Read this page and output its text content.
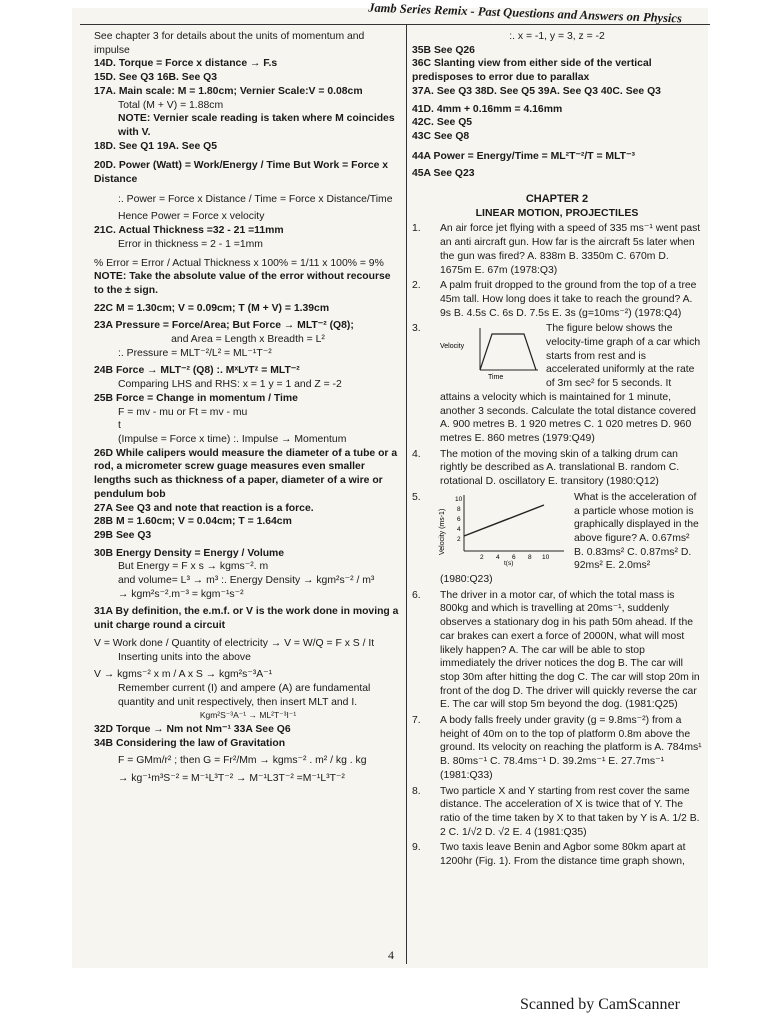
Jamb Series Remix - Past Questions and Answers on Physics

See chapter 3 for details about the units of momentum and impulse

14D. Torque = Force x distance → F.s

15D. See Q3 16B. See Q3

17A. Main scale: M = 1.80cm; Vernier Scale:V = 0.08cm

Total (M + V) = 1.88cm

NOTE: Vernier scale reading is taken where M coincides with V.

18D. See Q1 19A. See Q5

20D. Power (Watt) = Work/Energy / Time But Work = Force x Distance

:. Power = Force x Distance / Time = Force x Distance/Time

Hence Power = Force x velocity

21C. Actual Thickness =32 - 21 =11mm

Error in thickness = 2 - 1 =1mm

% Error = Error / Actual Thickness x 100% = 1/11 x 100% = 9%

NOTE: Take the absolute value of the error without recourse to the ± sign.

22C M = 1.30cm; V = 0.09cm; T (M + V) = 1.39cm

23A Pressure = Force/Area; But Force → MLT⁻² (Q8);

and Area = Length x Breadth = L²

:. Pressure = MLT⁻²/L² = ML⁻¹T⁻²

24B Force → MLT⁻² (Q8) :. MˣLʸTᶻ = MLT⁻²

Comparing LHS and RHS: x = 1 y = 1 and Z = -2

25B Force = Change in momentum / Time

F = mv - mu or Ft = mv - mu

t

(Impulse = Force x time) :. Impulse → Momentum

26D While calipers would measure the diameter of a tube or a rod, a micrometer screw guage measures even smaller lengths such as thickness of a paper, diameter of a wire or pendulum bob

27A See Q3 and note that reaction is a force.

28B M = 1.60cm; V = 0.04cm; T = 1.64cm

29B See Q3

30B Energy Density = Energy / Volume

But Energy = F x s → kgms⁻². m

and volume= L³ → m³ :. Energy Density → kgm²s⁻² / m³

→ kgm²s⁻².m⁻³ = kgm⁻¹s⁻²

31A By definition, the e.m.f. or V is the work done in moving a unit charge round a circuit

V = Work done / Quantity of electricity → V = W/Q = F x S / It

Inserting units into the above

V → kgms⁻² x m / A x S → kgm²s⁻³A⁻¹

Remember current (I) and ampere (A) are fundamental quantity and unit respectively, then insert MLT and I.

Kgm²S⁻³A⁻¹ → ML²T⁻³I⁻¹

32D Torque → Nm not Nm⁻¹ 33A See Q6

34B Considering the law of Gravitation

F = GMm/r² ; then G = Fr²/Mm → kgms⁻² . m² / kg . kg

→ kg⁻¹m³S⁻² = M⁻¹L³T⁻² → M⁻¹L3T⁻² =M⁻¹L³T⁻²

:. x = -1, y = 3, z = -2

35B See Q26

36C Slanting view from either side of the vertical predisposes to error due to parallax

37A. See Q3 38D. See Q5 39A. See Q3 40C. See Q3

41D. 4mm + 0.16mm = 4.16mm

42C. See Q5

43C See Q8

44A Power = Energy/Time = ML²T⁻²/T = MLT⁻³

45A See Q23

CHAPTER 2
LINEAR MOTION, PROJECTILES
1.	An air force jet flying with a speed of 335 ms⁻¹ went past an anti aircraft gun. How far is the aircraft 5s later when the gun was fired? A. 838m B. 3350m C. 670m D. 1675m E. 67m (1978:Q3)
2.	A palm fruit dropped to the ground from the top of a tree 45m tall. How long does it take to reach the ground? A. 9s B. 4.5s C. 6s D. 7.5s E. 3s (g=10ms⁻²) (1978:Q4)
3.
Velocity
Time
The figure below shows the velocity-time graph of a car which starts from rest and is accelerated uniformly at the rate of 3m sec² for 5 seconds. It attains a velocity which is maintained for 1 minute, another 3 seconds. Calculate the total distance covered A. 900 metres B. 1 920 metres C. 1 020 metres D. 960 metres E. 860 metres (1979:Q49)
4.	The motion of the moving skin of a talking drum can rightly be described as A. translational B. random C. rotational D. oscillatory E. transitory (1980:Q12)
5.
Velocity (ms-1)
10
8
6
4
2
2 4 6 8 10
t(s)
What is the acceleration of a particle whose motion is graphically displayed in the above figure? A. 0.67ms² B. 0.83ms² C. 0.87ms² D. 92ms² E. 2.0ms² (1980:Q23)
6.	The driver in a motor car, of which the total mass is 800kg and which is travelling at 20ms⁻¹, suddenly observes a stationary dog in his path 50m ahead. If the car brakes can exert a force of 2000N, what will most likely happen? A. The car will be able to stop immediately the driver notices the dog B. The car will stop 30m after hitting the dog C. The car will stop 20m in front of the dog D. The driver will quickly reverse the car E. The car will stop 5m beyond the dog. (1981:Q25)
7.	A body falls freely under gravity (g = 9.8ms⁻²) from a height of 40m on to the top of platform 0.8m above the ground. Its velocity on reaching the platform is A. 784ms¹ B. 80ms⁻¹ C. 78.4ms⁻¹ D. 39.2ms⁻¹ E. 27.7ms⁻¹ (1981:Q33)
8.	Two particle X and Y starting from rest cover the same distance. The acceleration of X is twice that of Y. The ratio of the time taken by X to that taken by Y is A. 1/2 B. 2 C. 1/√2 D. √2 E. 4 (1981:Q35)
9.	Two taxis leave Benin and Agbor some 80km apart at 1200hr (Fig. 1). From the distance time graph shown,
4
Scanned by CamScanner
